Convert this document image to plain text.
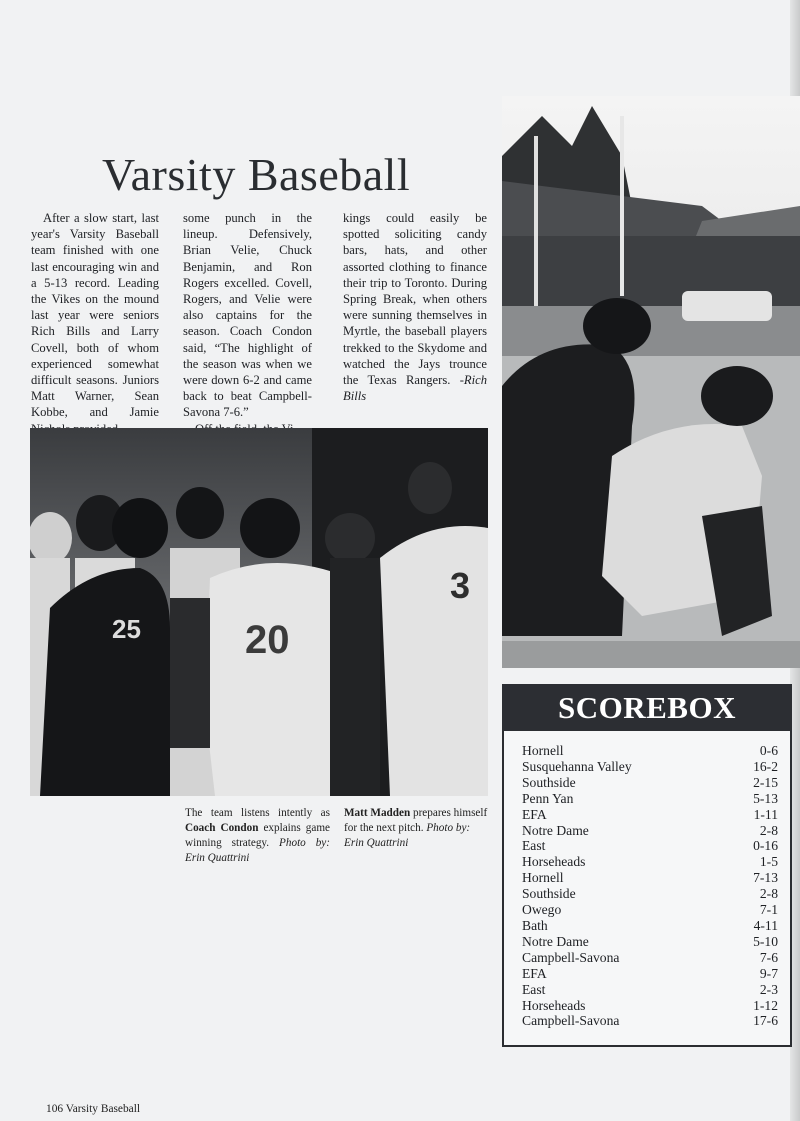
Varsity Baseball

After a slow start, last year's Varsity Baseball team finished with one last encouraging win and a 5-13 record. Leading the Vikes on the mound last year were seniors Rich Bills and Larry Covell, both of whom experienced somewhat difficult seasons. Juniors Matt Warner, Sean Kobbe, and Jamie

some punch in the lineup. Defensively, Brian Velie, Chuck Benjamin, and Ron Rogers excelled. Covell, Rogers, and Velie were also captains for the season. Coach Condon said, “The highlight of the season was when we were down 6-2 and came back to beat Campbell-Savona 7-6.”

kings could easily be spotted soliciting candy bars, hats, and other assorted clothing to finance their trip to Toronto. During Spring Break, when others were sunning themselves in Myrtle, the baseball players trekked to the Skydome and watched the Jays trounce the Texas Rangers. -Rich Bills

25	20
3
The team listens intently as Coach Condon explains game winning strategy. Photo by: Erin Quattrini
Matt Madden prepares himself for the next pitch. Photo by: Erin Quattrini
SCOREBOX
Hornell	0-6
Susquehanna Valley	16-2
Southside	2-15
Penn Yan	5-13
EFA	1-11
Notre Dame	2-8
East	0-16
Horseheads	1-5
Hornell	7-13
Southside	2-8
Owego	7-1
Bath	4-11
Notre Dame	5-10
Campbell-Savona	7-6
EFA	9-7
East	2-3
Horseheads	1-12
Campbell-Savona	17-6
106 Varsity Baseball
